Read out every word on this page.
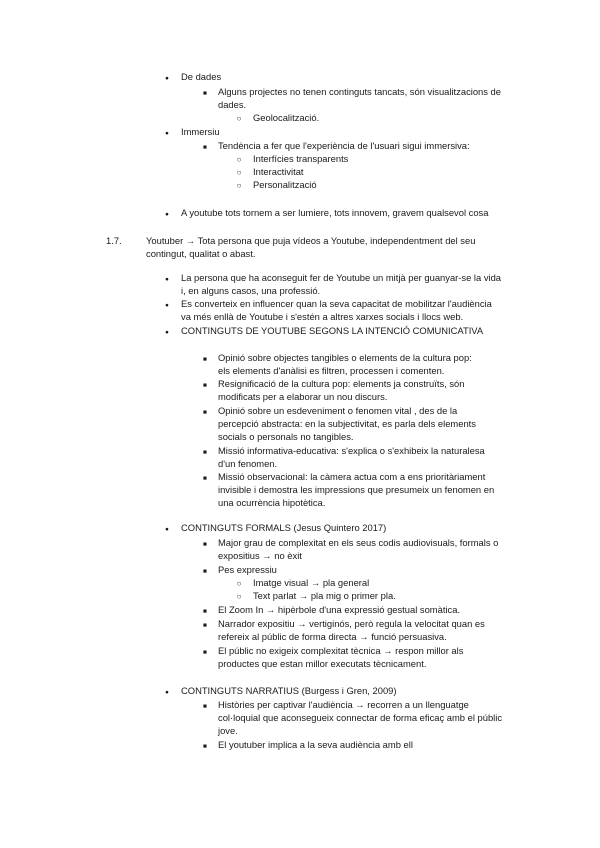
1.7.
●
De dades
■
Alguns projectes no tenen continguts tancats, són visualitzacions de
dades.
○
Geolocalització.
●
Immersiu
■
Tendència a fer que l'experiència de l'usuari sigui immersiva:
○
Interfícies transparents
○
Interactivitat
○
Personalització
●
A youtube tots tornem a ser lumiere, tots innovem, gravem qualsevol cosa
Youtuber → Tota persona que puja vídeos a Youtube, independentment del seu
contingut, qualitat o abast.
●
La persona que ha aconseguit fer de Youtube un mitjà per guanyar-se la vida
i, en alguns casos, una professió.
●
Es converteix en influencer quan la seva capacitat de mobilitzar l'audiència
va més enllà de Youtube i s'estén a altres xarxes socials i llocs web.
●
CONTINGUTS DE YOUTUBE SEGONS LA INTENCIÓ COMUNICATIVA
■
Opinió sobre objectes tangibles o elements de la cultura pop:
els elements d'anàlisi es filtren, processen i comenten.
■
Resignificació de la cultura pop: elements ja construïts, són
modificats per a elaborar un nou discurs.
■
Opinió sobre un esdeveniment o fenomen vital , des de la
percepció abstracta: en la subjectivitat, es parla dels elements
socials o personals no tangibles.
■
Missió informativa-educativa: s'explica o s'exhibeix la naturalesa
d'un fenomen.
■
Missió observacional: la càmera actua com a ens prioritàriament
invisible i demostra les impressions que presumeix un fenomen en
una ocurrència hipotètica.
●
CONTINGUTS FORMALS (Jesus Quintero 2017)
■
Major grau de complexitat en els seus codis audiovisuals, formals o
expositius → no èxit
■
Pes expressiu
○
Imatge visual → pla general
○
Text parlat → pla mig o primer pla.
■
El Zoom In → hipèrbole d'una expressió gestual somàtica.
■
Narrador expositiu → vertiginós, però regula la velocitat quan es
refereix al públic de forma directa → funció persuasiva.
■
El públic no exigeix complexitat tècnica → respon millor als
productes que estan millor executats tècnicament.
●
CONTINGUTS NARRATIUS (Burgess i Gren, 2009)
■
Històries per captivar l'audiència → recorren a un llenguatge
col·loquial que aconsegueix connectar de forma eficaç amb el públic
jove.
■
El youtuber implica a la seva audiència amb ell
